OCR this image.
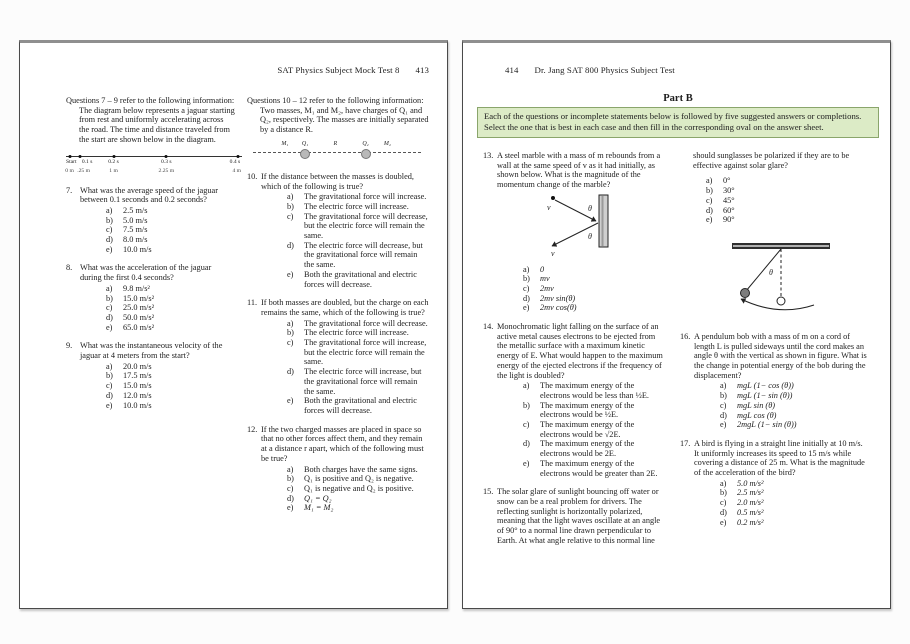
SAT Physics Subject Mock Test 8 413
Questions 7 – 9 refer to the following information:
The diagram below represents a jaguar starting from rest and uniformly accelerating across the road. The time and distance traveled from the start are shown below in the diagram.
Start 0.1 s	0.2 s	0.3 s	0.4 s
0 m .25 m	1 m	2.25 m	4 m
7. What was the average speed of the jaguar between 0.1 seconds and 0.2 seconds?
a)	2.5 m/s
b)	5.0 m/s
c)	7.5 m/s
d)	8.0 m/s
e)	10.0 m/s
8. What was the acceleration of the jaguar during the first 0.4 seconds?
a)	9.8 m/s²
b)	15.0 m/s²
c)	25.0 m/s²
d)	50.0 m/s²
e)	65.0 m/s²
9. What was the instantaneous velocity of the jaguar at 4 meters from the start?
a)	20.0 m/s
b)	17.5 m/s
c)	15.0 m/s
d)	12.0 m/s
e)	10.0 m/s
Questions 10 – 12 refer to the following information:
Two masses, M₁ and M₂, have charges of Q₁ and Q₂, respectively. The masses are initially separated by a distance R.
M₁ Q₁	R	Q₂	M₂
10. If the distance between the masses is doubled, which of the following is true?
a)	The gravitational force will increase.
b)	The electric force will increase.
c)	The gravitational force will decrease, but the electric force will remain the same.
d)	The electric force will decrease, but the gravitational force will remain the same.
e)	Both the gravitational and electric forces will decrease.
11. If both masses are doubled, but the charge on each remains the same, which of the following is true?
a)	The gravitational force will decrease.
b)	The electric force will increase.
c)	The gravitational force will increase, but the electric force will remain the same.
d)	The electric force will increase, but the gravitational force will remain the same.
e)	Both the gravitational and electric forces will decrease.
12. If the two charged masses are placed in space so that no other forces affect them, and they remain at a distance r apart, which of the following must be true?
a)	Both charges have the same signs.
b)	Q₁ is positive and Q₂ is negative.
c)	Q₁ is negative and Q₂ is positive.
d)	Q₁ = Q₂
e)	M₁ = M₂
414 Dr. Jang SAT 800 Physics Subject Test
Part B
Each of the questions or incomplete statements below is followed by five suggested answers or completions. Select the one that is best in each case and then fill in the corresponding oval on the answer sheet.
13. A steel marble with a mass of m rebounds from a wall at the same speed of v as it had initially, as shown below. What is the magnitude of the momentum change of the marble?
v	θ
θ
v
a)	0
b)	mv
c)	2mv
d)	2mv sin(θ)
e)	2mv cos(θ)
14. Monochromatic light falling on the surface of an active metal causes electrons to be ejected from the metallic surface with a maximum kinetic energy of E. What would happen to the maximum energy of the ejected electrons if the frequency of the light is doubled?
a)	The maximum energy of the electrons would be less than ½E.
b)	The maximum energy of the electrons would be ½E.
c)	The maximum energy of the electrons would be √2E.
d)	The maximum energy of the electrons would be 2E.
e)	The maximum energy of the electrons would be greater than 2E.
15. The solar glare of sunlight bouncing off water or snow can be a real problem for drivers. The reflecting sunlight is horizontally polarized, meaning that the light waves oscillate at an angle of 90° to a normal line drawn perpendicular to Earth. At what angle relative to this normal line
should sunglasses be polarized if they are to be effective against solar glare?
a)	0°
b)	30°
c)	45°
d)	60°
e)	90°
θ
16. A pendulum bob with a mass of m on a cord of length L is pulled sideways until the cord makes an angle θ with the vertical as shown in figure. What is the change in potential energy of the bob during the displacement?
a)	mgL (1− cos (θ))
b)	mgL (1− sin (θ))
c)	mgL sin (θ)
d)	mgL cos (θ)
e)	2mgL (1− sin (θ))
17. A bird is flying in a straight line initially at 10 m/s. It uniformly increases its speed to 15 m/s while covering a distance of 25 m. What is the magnitude of the acceleration of the bird?
a)	5.0 m/s²
b)	2.5 m/s²
c)	2.0 m/s²
d)	0.5 m/s²
e)	0.2 m/s²
